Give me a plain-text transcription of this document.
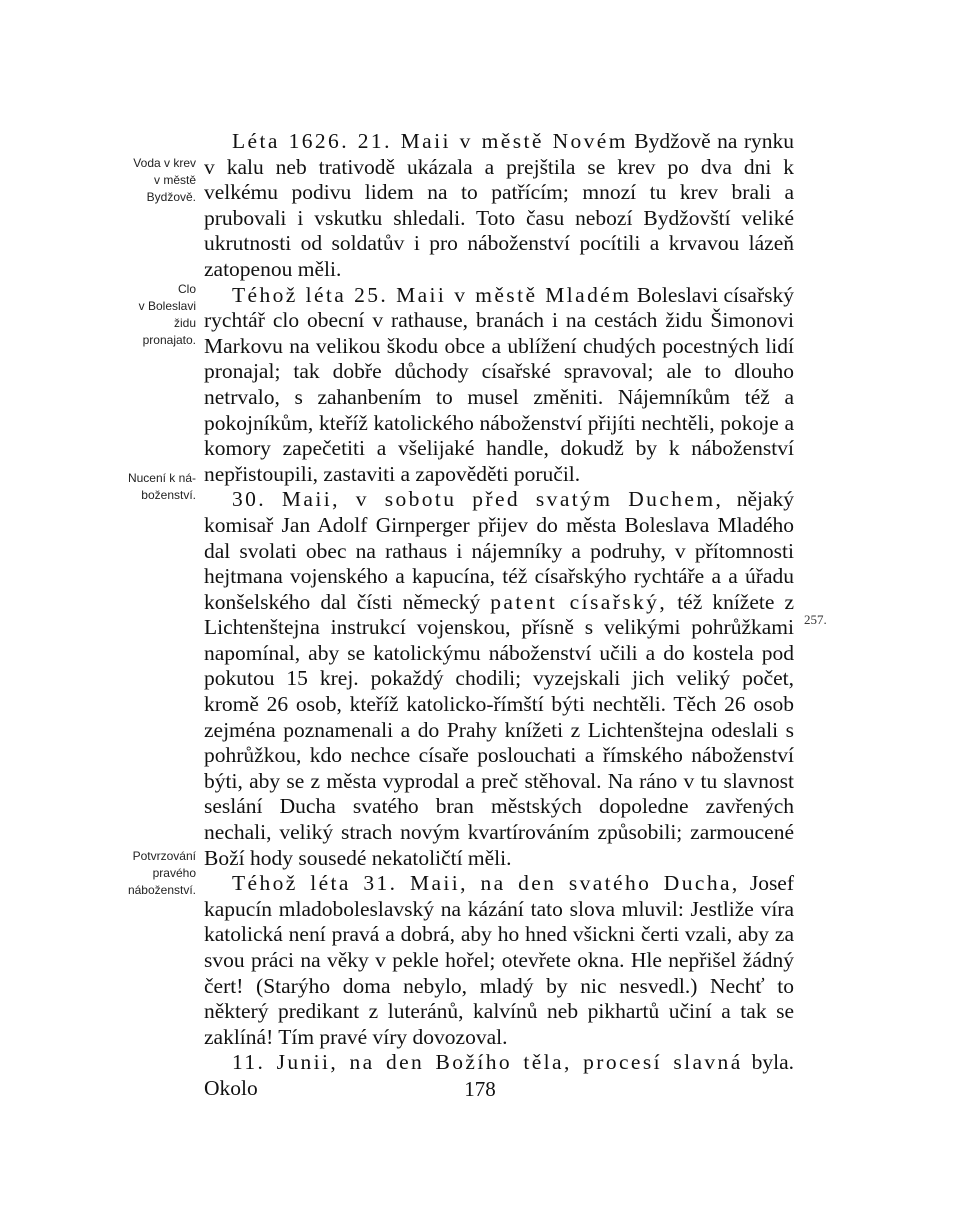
Voda v krev
v městě
Bydžově.
Clo
v Boleslavi
židu
pronajato.
Nucení k ná-
boženství.
Potvrzování
pravého
náboženství.
257.

Léta 1626. 21. Maii v městě Novém Bydžově na rynku v kalu neb trativodě ukázala a prejštila se krev po dva dni k velkému podivu lidem na to patřícím; mnozí tu krev brali a prubovali i vskutku shledali. Toto času nebozí Bydžovští veliké ukrutnosti od soldatův i pro náboženství pocítili a krvavou lázeň zatopenou měli.

Téhož léta 25. Maii v městě Mladém Boleslavi císařský rychtář clo obecní v rathause, branách i na cestách židu Šimonovi Markovu na velikou škodu obce a ublížení chudých pocestných lidí pronajal; tak dobře důchody císařské spravoval; ale to dlouho netrvalo, s zahanbením to musel změniti. Nájemníkům též a pokojníkům, kteříž katolického náboženství přijíti nechtěli, pokoje a komory zapečetiti a všelijaké handle, dokudž by k náboženství nepřistoupili, zastaviti a zapověděti poručil.

30. Maii, v sobotu před svatým Duchem, nějaký komisař Jan Adolf Girnperger přijev do města Boleslava Mladého dal svolati obec na rathaus i nájemníky a podruhy, v přítomnosti hejtmana vojenského a kapucína, též císařskýho rychtáře a a úřadu konšelského dal čísti německý patent císařský, též knížete z Lichtenštejna instrukcí vojenskou, přísně s velikými pohrůžkami napomínal, aby se katolickýmu náboženství učili a do kostela pod pokutou 15 krej. pokaždý chodili; vyzejskali jich veliký počet, kromě 26 osob, kteříž katolicko-římští býti nechtěli. Těch 26 osob zejména poznamenali a do Prahy knížeti z Lichtenštejna odeslali s pohrůžkou, kdo nechce císaře poslouchati a římského náboženství býti, aby se z města vyprodal a preč stěhoval. Na ráno v tu slavnost seslání Ducha svatého bran městských dopoledne zavřených nechali, veliký strach novým kvartírováním způsobili; zarmoucené Boží hody sousedé nekatoličtí měli.

Téhož léta 31. Maii, na den svatého Ducha, Josef kapucín mladoboleslavský na kázání tato slova mluvil: Jestliže víra katolická není pravá a dobrá, aby ho hned všickni čerti vzali, aby za svou práci na věky v pekle hořel; otevřete okna. Hle nepřišel žádný čert! (Starýho doma nebylo, mladý by nic nesvedl.) Nechť to některý predikant z luteránů, kalvínů neb pikhartů učiní a tak se zaklíná! Tím pravé víry dovozoval.

11. Junii, na den Božího těla, procesí slavná byla. Okolo	178
